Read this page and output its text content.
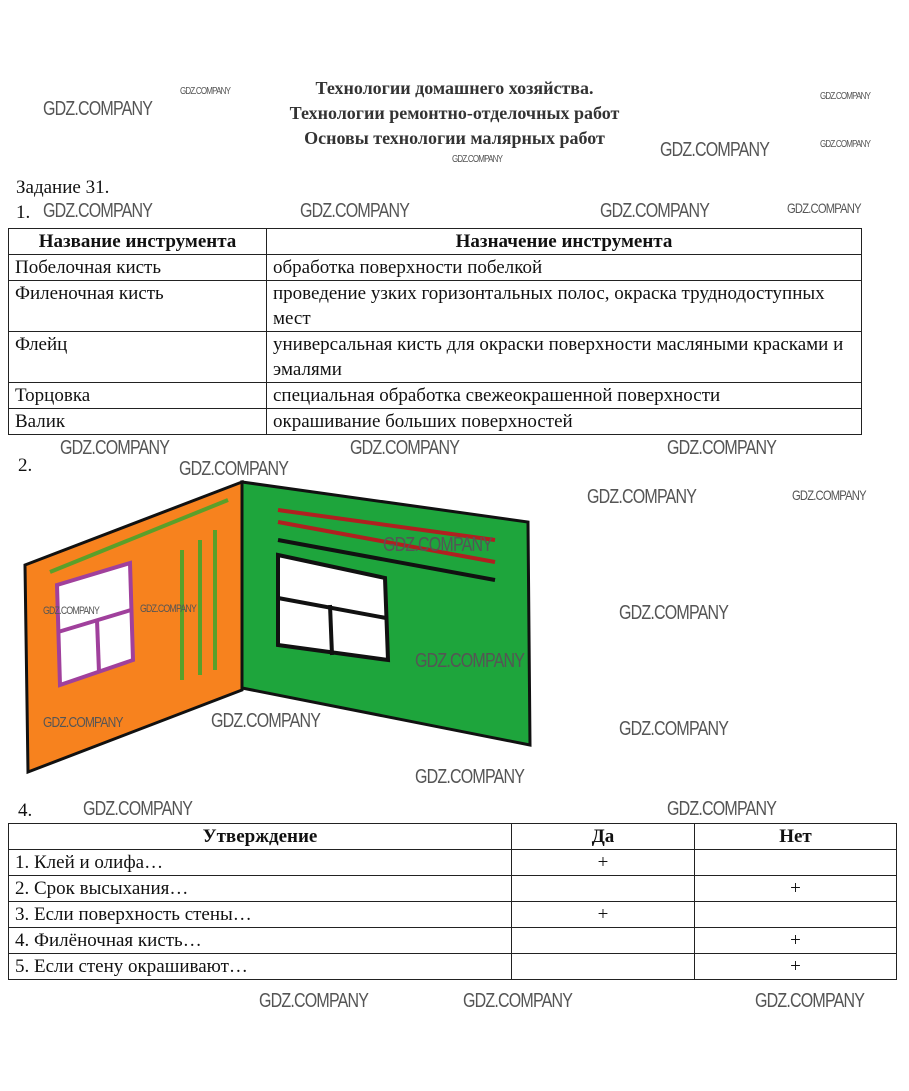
Технологии домашнего хозяйства.
Технологии ремонтно-отделочных работ
Основы технологии малярных работ
Задание 31.
1.
Название инструмента	Назначение инструмента
Побелочная кисть	обработка поверхности побелкой
Филеночная кисть	проведение узких горизонтальных полос, окраска труднодоступных мест
Флейц	универсальная кисть для окраски поверхности масляными красками и эмалями
Торцовка	специальная обработка свежеокрашенной поверхности
Валик	окрашивание больших поверхностей
2.
4.
Утверждение	Да	Нет
1. Клей и олифа…	+	
2. Срок высыхания…		+
3. Если поверхность стены…	+	
4. Филёночная кисть…		+
5. Если стену окрашивают…		+
GDZ.COMPANY
GDZ.COMPANY	GDZ.COMPANY
GDZ.COMPANY
GDZ.COMPANY	GDZ.COMPANY
GDZ.COMPANY	GDZ.COMPANY	GDZ.COMPANY	GDZ.COMPANY
GDZ.COMPANY	GDZ.COMPANY	GDZ.COMPANY
GDZ.COMPANY
GDZ.COMPANY	GDZ.COMPANY
GDZ.COMPANY
GDZ.COMPANY	GDZ.COMPANY	GDZ.COMPANY
GDZ.COMPANY
GDZ.COMPANY	GDZ.COMPANY	GDZ.COMPANY
GDZ.COMPANY
GDZ.COMPANY	GDZ.COMPANY
GDZ.COMPANY
GDZ.COMPANY	GDZ.COMPANY
